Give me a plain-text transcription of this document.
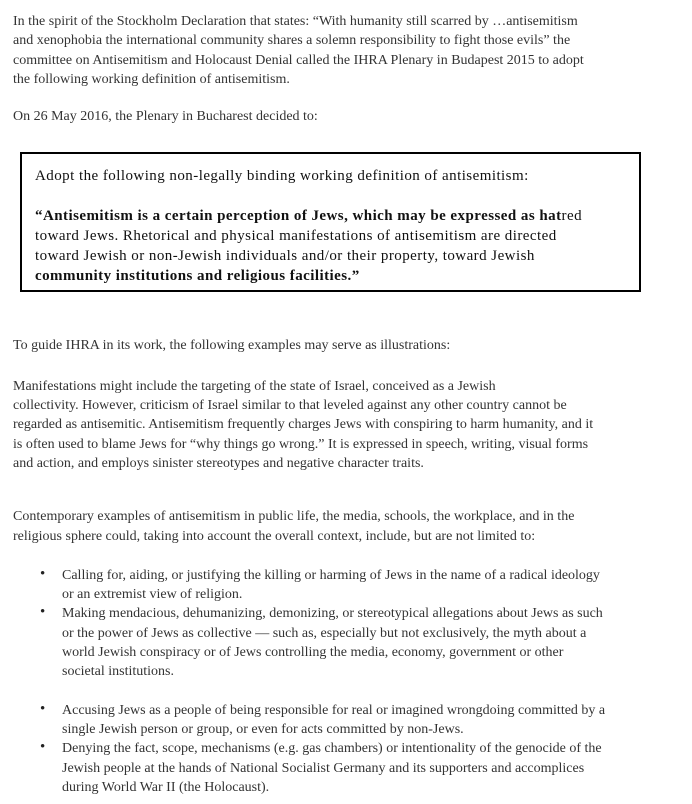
In the spirit of the Stockholm Declaration that states: “With humanity still scarred by …antisemitism
and xenophobia the international community shares a solemn responsibility to fight those evils” the
committee on Antisemitism and Holocaust Denial called the IHRA Plenary in Budapest 2015 to adopt
the following working definition of antisemitism.
On 26 May 2016, the Plenary in Bucharest decided to:
Adopt the following non-legally binding working definition of antisemitism:
“Antisemitism is a certain perception of Jews, which may be expressed as hatred
toward Jews. Rhetorical and physical manifestations of antisemitism are directed
toward Jewish or non-Jewish individuals and/or their property, toward Jewish
community institutions and religious facilities.”
To guide IHRA in its work, the following examples may serve as illustrations:
Manifestations might include the targeting of the state of Israel, conceived as a Jewish
collectivity. However, criticism of Israel similar to that leveled against any other country cannot be
regarded as antisemitic. Antisemitism frequently charges Jews with conspiring to harm humanity, and it
is often used to blame Jews for “why things go wrong.” It is expressed in speech, writing, visual forms
and action, and employs sinister stereotypes and negative character traits.
Contemporary examples of antisemitism in public life, the media, schools, the workplace, and in the
religious sphere could, taking into account the overall context, include, but are not limited to:
• Calling for, aiding, or justifying the killing or harming of Jews in the name of a radical ideology
or an extremist view of religion.
• Making mendacious, dehumanizing, demonizing, or stereotypical allegations about Jews as such
or the power of Jews as collective — such as, especially but not exclusively, the myth about a
world Jewish conspiracy or of Jews controlling the media, economy, government or other
societal institutions.
• Accusing Jews as a people of being responsible for real or imagined wrongdoing committed by a
single Jewish person or group, or even for acts committed by non-Jews.
• Denying the fact, scope, mechanisms (e.g. gas chambers) or intentionality of the genocide of the
Jewish people at the hands of National Socialist Germany and its supporters and accomplices
during World War II (the Holocaust).
